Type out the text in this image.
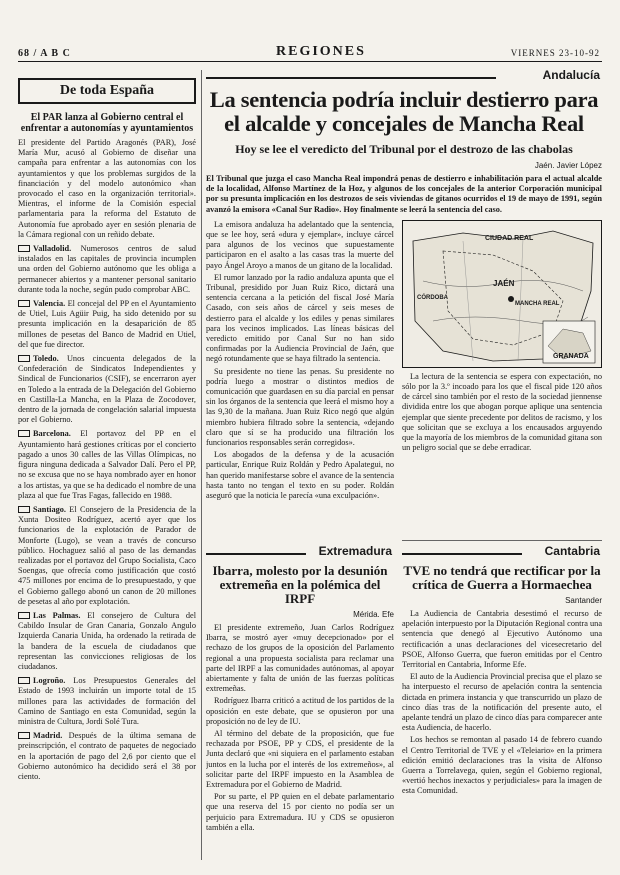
68 / A B C	REGIONES	VIERNES 23-10-92
De toda España
El PAR lanza al Gobierno central el enfrentar a autonomías y ayuntamientos
El presidente del Partido Aragonés (PAR), José María Mur, acusó al Gobierno de diseñar una campaña para enfrentar a las autonomías con los ayuntamientos y que los problemas surgidos de la financiación y del modelo autonómico «han provocado el caso en la organización territorial». Mientras, el informe de la Comisión especial parlamentaria para la reforma del Estatuto de Autonomía fue aprobado ayer en sesión plenaria de la Cámara regional con un reñido debate.
Valladolid. Numerosos centros de salud instalados en las capitales de provincia incumplen una orden del Gobierno autónomo que les obliga a permanecer abiertos y a mantener personal sanitario durante toda la noche, según pudo comprobar ABC.
Valencia. El concejal del PP en el Ayuntamiento de Utiel, Luis Agüir Puig, ha sido detenido por su presunta implicación en la desaparición de 85 millones de pesetas del Banco de Madrid en Utiel, del que fue director.
Toledo. Unos cincuenta delegados de la Confederación de Sindicatos Independientes y Sindical de Funcionarios (CSIF), se encerraron ayer en Toledo a la entrada de la Delegación del Gobierno en Castilla-La Mancha, en la Plaza de Zocodover, dentro de la jornada de congelación salarial impuesta por el Gobierno.
Barcelona. El portavoz del PP en el Ayuntamiento hará gestiones críticas por el concierto pagado a unos 30 calles de las Villas Olímpicas, no figura ninguna dedicada a Salvador Dalí. Pero el PP, no se excusa que no se haya nombrado ayer en honor a los artistas, ya que se ha dedicado el nombre de una plaza al que fue Tras Fagas, fallecido en 1988.
Santiago. El Consejero de la Presidencia de la Xunta Dositeo Rodríguez, acertó ayer que los funcionarios de la explotación de Parador de Monforte (Lugo), se vean a través de concurso público. Hochaguez salió al paso de las demandas realizadas por el portavoz del Grupo Socialista, Caco Soengas, que ofrecía como justificación que costó 475 millones por encima de lo presupuestado, y que el Gobierno gallego abonó un canon de 20 millones de pesetas al año por explotación.
Las Palmas. El consejero de Cultura del Cabildo Insular de Gran Canaria, Gonzalo Angulo Izquierda Canaria Unida, ha ordenado la retirada de la bandera de la escuela de ciudadanos que representan las convicciones religiosas de los ciudadanos.
Logroño. Los Presupuestos Generales del Estado de 1993 incluirán un importe total de 15 millones para las actividades de formación del Camino de Santiago en esta Comunidad, según la ministra de Cultura, Jordi Solé Tura.
Madrid. Después de la última semana de preinscripción, el contrato de paquetes de negociado en la aportación de pago del 2,6 por ciento que el Gobierno autonómico ha decidido será el 38 por ciento.
Andalucía
La sentencia podría incluir destierro para el alcalde y concejales de Mancha Real
Hoy se lee el veredicto del Tribunal por el destrozo de las chabolas
Jaén. Javier López
El Tribunal que juzga el caso Mancha Real impondrá penas de destierro e inhabilitación para el actual alcalde de la localidad, Alfonso Martínez de la Hoz, y algunos de los concejales de la anterior Corporación municipal por su presunta implicación en los destrozos de seis viviendas de gitanos ocurridos el 19 de mayo de 1991, según avanzó la emisora «Canal Sur Radio». Hoy finalmente se leerá la sentencia del caso.

La emisora andaluza ha adelantado que la sentencia, que se lee hoy, será «dura y ejemplar», incluye cárcel para algunos de los vecinos que supuestamente participaron en el asalto a las casas tras la muerte del payo Ángel Aroyo a manos de un gitano de la localidad.

El rumor lanzado por la radio andaluza apunta que el Tribunal, presidido por Juan Ruiz Rico, dictará una sentencia cercana a la petición del fiscal José María Casado, con seis años de cárcel y seis meses de destierro para el alcalde y los ediles y penas similares para los vecinos implicados. Las líneas básicas del veredicto emitido por Canal Sur no han sido confirmadas por la Audiencia Provincial de Jaén, que negó rotundamente que se haya filtrado la sentencia.

Su presidente no tiene las penas. Su presidente no podría luego a mostrar o distintos medios de comunicación que guardasen en su día parcial en pensar sin los órganos de la sentencia que leerá el mismo hoy a las 9,30 de la mañana. Juan Ruiz Rico negó que algún miembro hubiera filtrado sobre la sentencia, «dejando claro que sí se ha producido una filtración los funcionarios responsables serán corregidos».

Los abogados de la defensa y de la acusación particular, Enrique Ruiz Roldán y Pedro Apalategui, no han querido manifestarse sobre el avance de la sentencia hasta tanto no tengan el texto en su poder. Roldán aseguró que la noticia le parecía «una exculpación».

CIUDAD REAL
JAÉN
GRANADA
CÓRDOBA
MANCHA REAL

La lectura de la sentencia se espera con expectación, no sólo por la 3.º incoado para los que el fiscal pide 120 años de cárcel sino también por el resto de la sociedad jiennense dividida entre los que abogan porque aplique una sentencia ejemplar que siente precedente por delitos de racismo, y los que solicitan que se excluya a los encausados arguyendo que la mayoría de los miembros de la comunidad gitana son un peligro social que se debe erradicar.

Extremadura
Ibarra, molesto por la desunión extremeña en la polémica del IRPF
Mérida. Efe

El presidente extremeño, Juan Carlos Rodríguez Ibarra, se mostró ayer «muy decepcionado» por el rechazo de los grupos de la oposición del Parlamento regional a una propuesta socialista para reclamar una parte del IRPF a las comunidades autónomas, al apoyar abiertamente y falta de unión de las fuerzas políticas extremeñas.

Rodríguez Ibarra criticó a actitud de los partidos de la oposición en este debate, que se opusieron por una proposición no de ley de IU.

Al término del debate de la proposición, que fue rechazada por PSOE, PP y CDS, el presidente de la Junta declaró que «ni siquiera en el parlamento estaban juntos en la lucha por el interés de los extremeños», al solicitar parte del IRPF impuesto en la Asamblea de Extremadura por el Gobierno de Madrid.

Por su parte, el PP quien en el debate parlamentario que una reserva del 15 por ciento no podía ser un perjuicio para Extremadura. IU y CDS se opusieron también a ella.

Cantabria
TVE no tendrá que rectificar por la crítica de Guerra a Hormaechea
Santander

La Audiencia de Cantabria desestimó el recurso de apelación interpuesto por la Diputación Regional contra una sentencia que denegó al Ejecutivo Autónomo una rectificación a unas declaraciones del vicesecretario del PSOE, Alfonso Guerra, que fueron emitidas por el Centro Territorial en Cantabria, Informe Efe.

El auto de la Audiencia Provincial precisa que el plazo se ha interpuesto el recurso de apelación contra la sentencia dictada en primera instancia y que transcurrido un plazo de cinco días tras de la notificación del presente auto, el apelante tendrá un plazo de cinco días para comparecer ante esta Audiencia, de hacerlo.

Los hechos se remontan al pasado 14 de febrero cuando el Centro Territorial de TVE y el «Teleiario» en la primera edición emitió declaraciones tras la visita de Alfonso Guerra a Torrelavega, quien, según el Gobierno regional, «vertió hechos inexactos y perjudiciales» para la imagen de esta Comunidad.
